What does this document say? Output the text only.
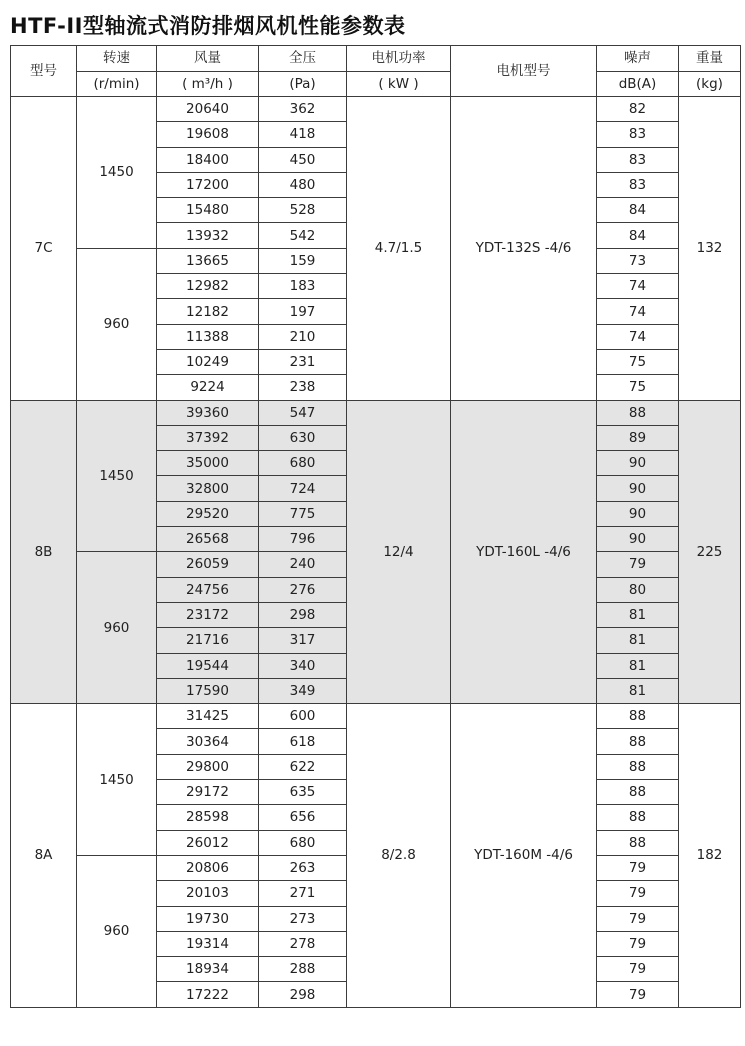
HTF-II型轴流式消防排烟风机性能参数表
型号	转速	风量	全压	电机功率	电机型号	噪声	重量
	(r/min)	( m³/h )	(Pa)	( kW )		dB(A)	(kg)
7C	1450	20640	362	4.7/1.5	YDT-132S -4/6	82	132
		19608	418			83	
		18400	450			83	
		17200	480			83	
		15480	528			84	
		13932	542			84	
	960	13665	159			73	
		12982	183			74	
		12182	197			74	
		11388	210			74	
		10249	231			75	
		9224	238			75	
8B	1450	39360	547	12/4	YDT-160L -4/6	88	225
		37392	630			89	
		35000	680			90	
		32800	724			90	
		29520	775			90	
		26568	796			90	
	960	26059	240			79	
		24756	276			80	
		23172	298			81	
		21716	317			81	
		19544	340			81	
		17590	349			81	
8A	1450	31425	600	8/2.8	YDT-160M -4/6	88	182
		30364	618			88	
		29800	622			88	
		29172	635			88	
		28598	656			88	
		26012	680			88	
	960	20806	263			79	
		20103	271			79	
		19730	273			79	
		19314	278			79	
		18934	288			79	
		17222	298			79	
